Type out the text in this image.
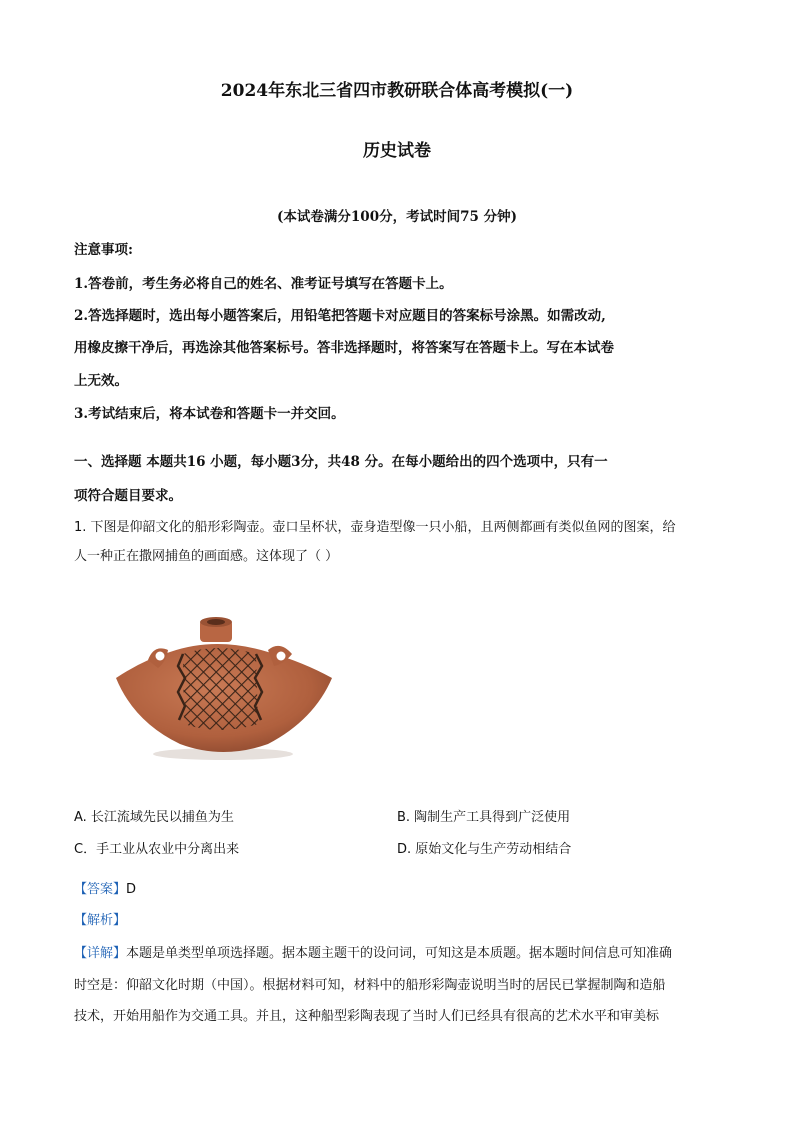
2024年东北三省四市教研联合体高考模拟(一)
历史试卷
(本试卷满分100分，考试时间75 分钟)
注意事项:
1.答卷前，考生务必将自己的姓名、准考证号填写在答题卡上。
2.答选择题时，选出每小题答案后，用铅笔把答题卡对应题目的答案标号涂黑。如需改动,
用橡皮擦干净后，再选涂其他答案标号。答非选择题时，将答案写在答题卡上。写在本试卷
上无效。
3.考试结束后，将本试卷和答题卡一并交回。
一、选择题 本题共16 小题，每小题3分，共48 分。在每小题给出的四个选项中，只有一
项符合题目要求。
1. 下图是仰韶文化的船形彩陶壶。壶口呈杯状，壶身造型像一只小船，且两侧都画有类似鱼网的图案，给
人一种正在撒网捕鱼的画面感。这体现了（ ）
A. 长江流域先民以捕鱼为生	B. 陶制生产工具得到广泛使用
C．手工业从农业中分离出来	D. 原始文化与生产劳动相结合
【答案】D
【解析】
【详解】本题是单类型单项选择题。据本题主题干的设问词，可知这是本质题。据本题时间信息可知准确
时空是：仰韶文化时期（中国）。根据材料可知，材料中的船形彩陶壶说明当时的居民已掌握制陶和造船
技术，开始用船作为交通工具。并且，这种船型彩陶表现了当时人们已经具有很高的艺术水平和审美标
